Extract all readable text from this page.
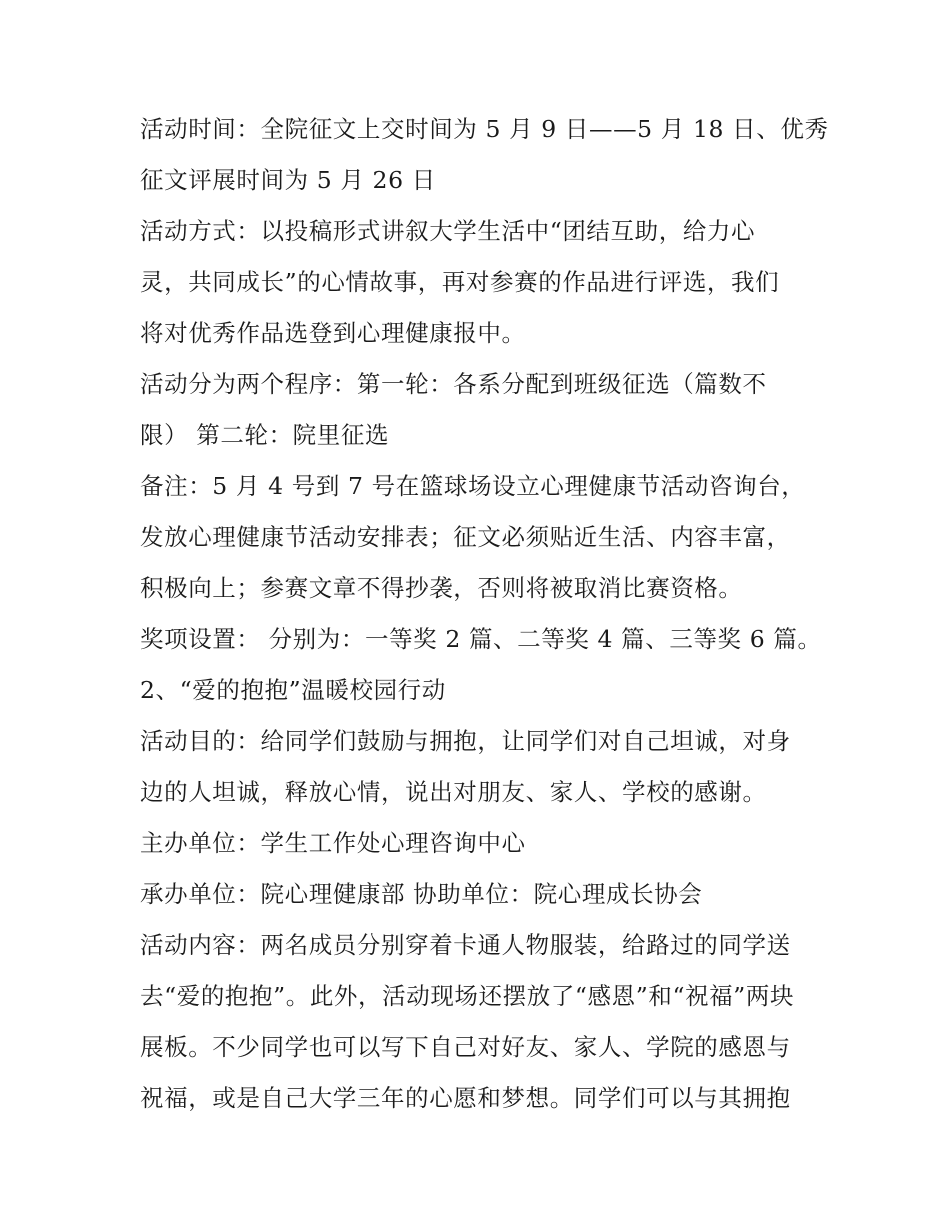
活动时间：全院征文上交时间为 5 月 9 日——5 月 18 日、优秀
征文评展时间为 5 月 26 日
活动方式：以投稿形式讲叙大学生活中“团结互助，给力心
灵，共同成长”的心情故事，再对参赛的作品进行评选，我们
将对优秀作品选登到心理健康报中。
活动分为两个程序：第一轮：各系分配到班级征选（篇数不
限） 第二轮：院里征选
备注：5 月 4 号到 7 号在篮球场设立心理健康节活动咨询台，
发放心理健康节活动安排表；征文必须贴近生活、内容丰富，
积极向上；参赛文章不得抄袭，否则将被取消比赛资格。
奖项设置： 分别为：一等奖 2 篇、二等奖 4 篇、三等奖 6 篇。
2、“爱的抱抱”温暖校园行动
活动目的：给同学们鼓励与拥抱，让同学们对自己坦诚，对身
边的人坦诚，释放心情，说出对朋友、家人、学校的感谢。
主办单位：学生工作处心理咨询中心
承办单位：院心理健康部 协助单位：院心理成长协会
活动内容：两名成员分别穿着卡通人物服装，给路过的同学送
去“爱的抱抱”。此外，活动现场还摆放了“感恩”和“祝福”两块
展板。不少同学也可以写下自己对好友、家人、学院的感恩与
祝福，或是自己大学三年的心愿和梦想。同学们可以与其拥抱
